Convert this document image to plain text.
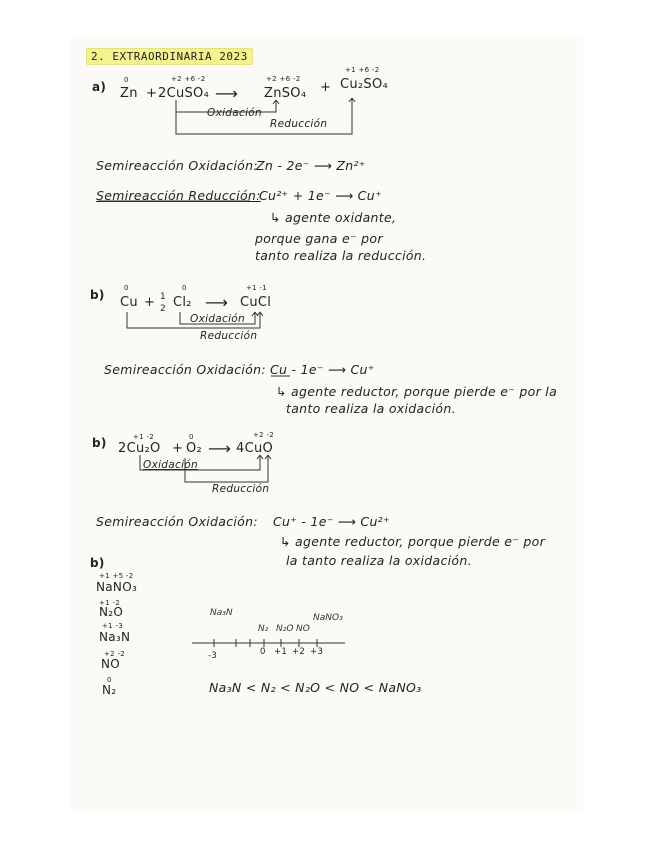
2. EXTRAORDINARIA 2023
a)	0	+2 +6 -2	+2 +6 -2
+1 +6 -2
Zn + 2CuSO₄ ⟶ ZnSO₄ + Cu₂SO₄
Oxidación
Reducción
Semireacción Oxidación:
Zn - 2e⁻ ⟶ Zn²⁺
Semireacción Reducción:
Cu²⁺ + 1e⁻ ⟶ Cu⁺
↳ agente oxidante,
porque gana e⁻ por
tanto realiza la reducción.
b)	0	0	+1 -1
Cu + 1
2 Cl₂ ⟶ CuCl
Oxidación
Reducción
Semireacción Oxidación: Cu - 1e⁻ ⟶ Cu⁺
↳ agente reductor, porque pierde e⁻ por la
tanto realiza la oxidación.
b)	+1 -2	0	+2 -2
2Cu₂O + O₂ ⟶ 4CuO
Oxidación
Reducción
Semireacción Oxidación: Cu⁺ - 1e⁻ ⟶ Cu²⁺
↳ agente reductor, porque pierde e⁻ por
la tanto realiza la oxidación.
b)
+1 +5 -2
NaNO₃
+1 -2
N₂O
+1 -3
Na₃N
+2 -2
NO
0
N₂
-3	0 +1 +2 +3
Na₃N < N₂ < N₂O < NO < NaNO₃
Na₃N
N₂ N₂O NO
NaNO₃
